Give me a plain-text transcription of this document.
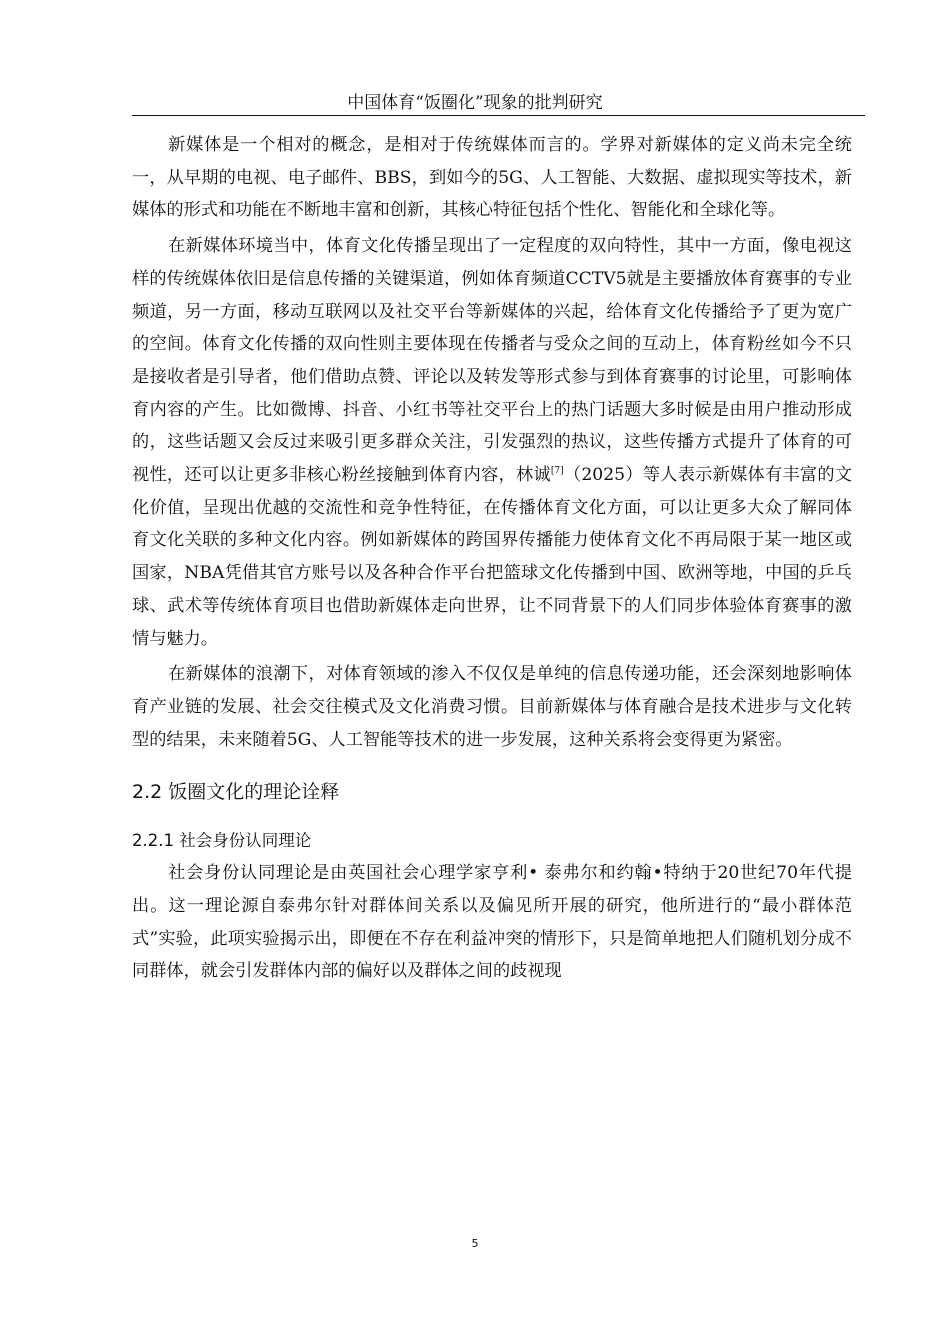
中国体育“饭圈化”现象的批判研究

新媒体是一个相对的概念，是相对于传统媒体而言的。学界对新媒体的定义尚未完全统一，从早期的电视、电子邮件、BBS，到如今的5G、人工智能、大数据、虚拟现实等技术，新媒体的形式和功能在不断地丰富和创新，其核心特征包括个性化、智能化和全球化等。

在新媒体环境当中，体育文化传播呈现出了一定程度的双向特性，其中一方面，像电视这样的传统媒体依旧是信息传播的关键渠道，例如体育频道CCTV5就是主要播放体育赛事的专业频道，另一方面，移动互联网以及社交平台等新媒体的兴起，给体育文化传播给予了更为宽广的空间。体育文化传播的双向性则主要体现在传播者与受众之间的互动上，体育粉丝如今不只是接收者是引导者，他们借助点赞、评论以及转发等形式参与到体育赛事的讨论里，可影响体育内容的产生。比如微博、抖音、小红书等社交平台上的热门话题大多时候是由用户推动形成的，这些话题又会反过来吸引更多群众关注，引发强烈的热议，这些传播方式提升了体育的可视性，还可以让更多非核心粉丝接触到体育内容，林诚[7]（2025）等人表示新媒体有丰富的文化价值，呈现出优越的交流性和竞争性特征，在传播体育文化方面，可以让更多大众了解同体育文化关联的多种文化内容。例如新媒体的跨国界传播能力使体育文化不再局限于某一地区或国家，NBA凭借其官方账号以及各种合作平台把篮球文化传播到中国、欧洲等地，中国的乒乓球、武术等传统体育项目也借助新媒体走向世界，让不同背景下的人们同步体验体育赛事的激情与魅力。

在新媒体的浪潮下，对体育领域的渗入不仅仅是单纯的信息传递功能，还会深刻地影响体育产业链的发展、社会交往模式及文化消费习惯。目前新媒体与体育融合是技术进步与文化转型的结果，未来随着5G、人工智能等技术的进一步发展，这种关系将会变得更为紧密。

2.2 饭圈文化的理论诠释
2.2.1 社会身份认同理论

社会身份认同理论是由英国社会心理学家亨利• 泰弗尔和约翰•特纳于20世纪70年代提出。这一理论源自泰弗尔针对群体间关系以及偏见所开展的研究，他所进行的“最小群体范式”实验，此项实验揭示出，即便在不存在利益冲突的情形下，只是简单地把人们随机划分成不同群体，就会引发群体内部的偏好以及群体之间的歧视现

5
